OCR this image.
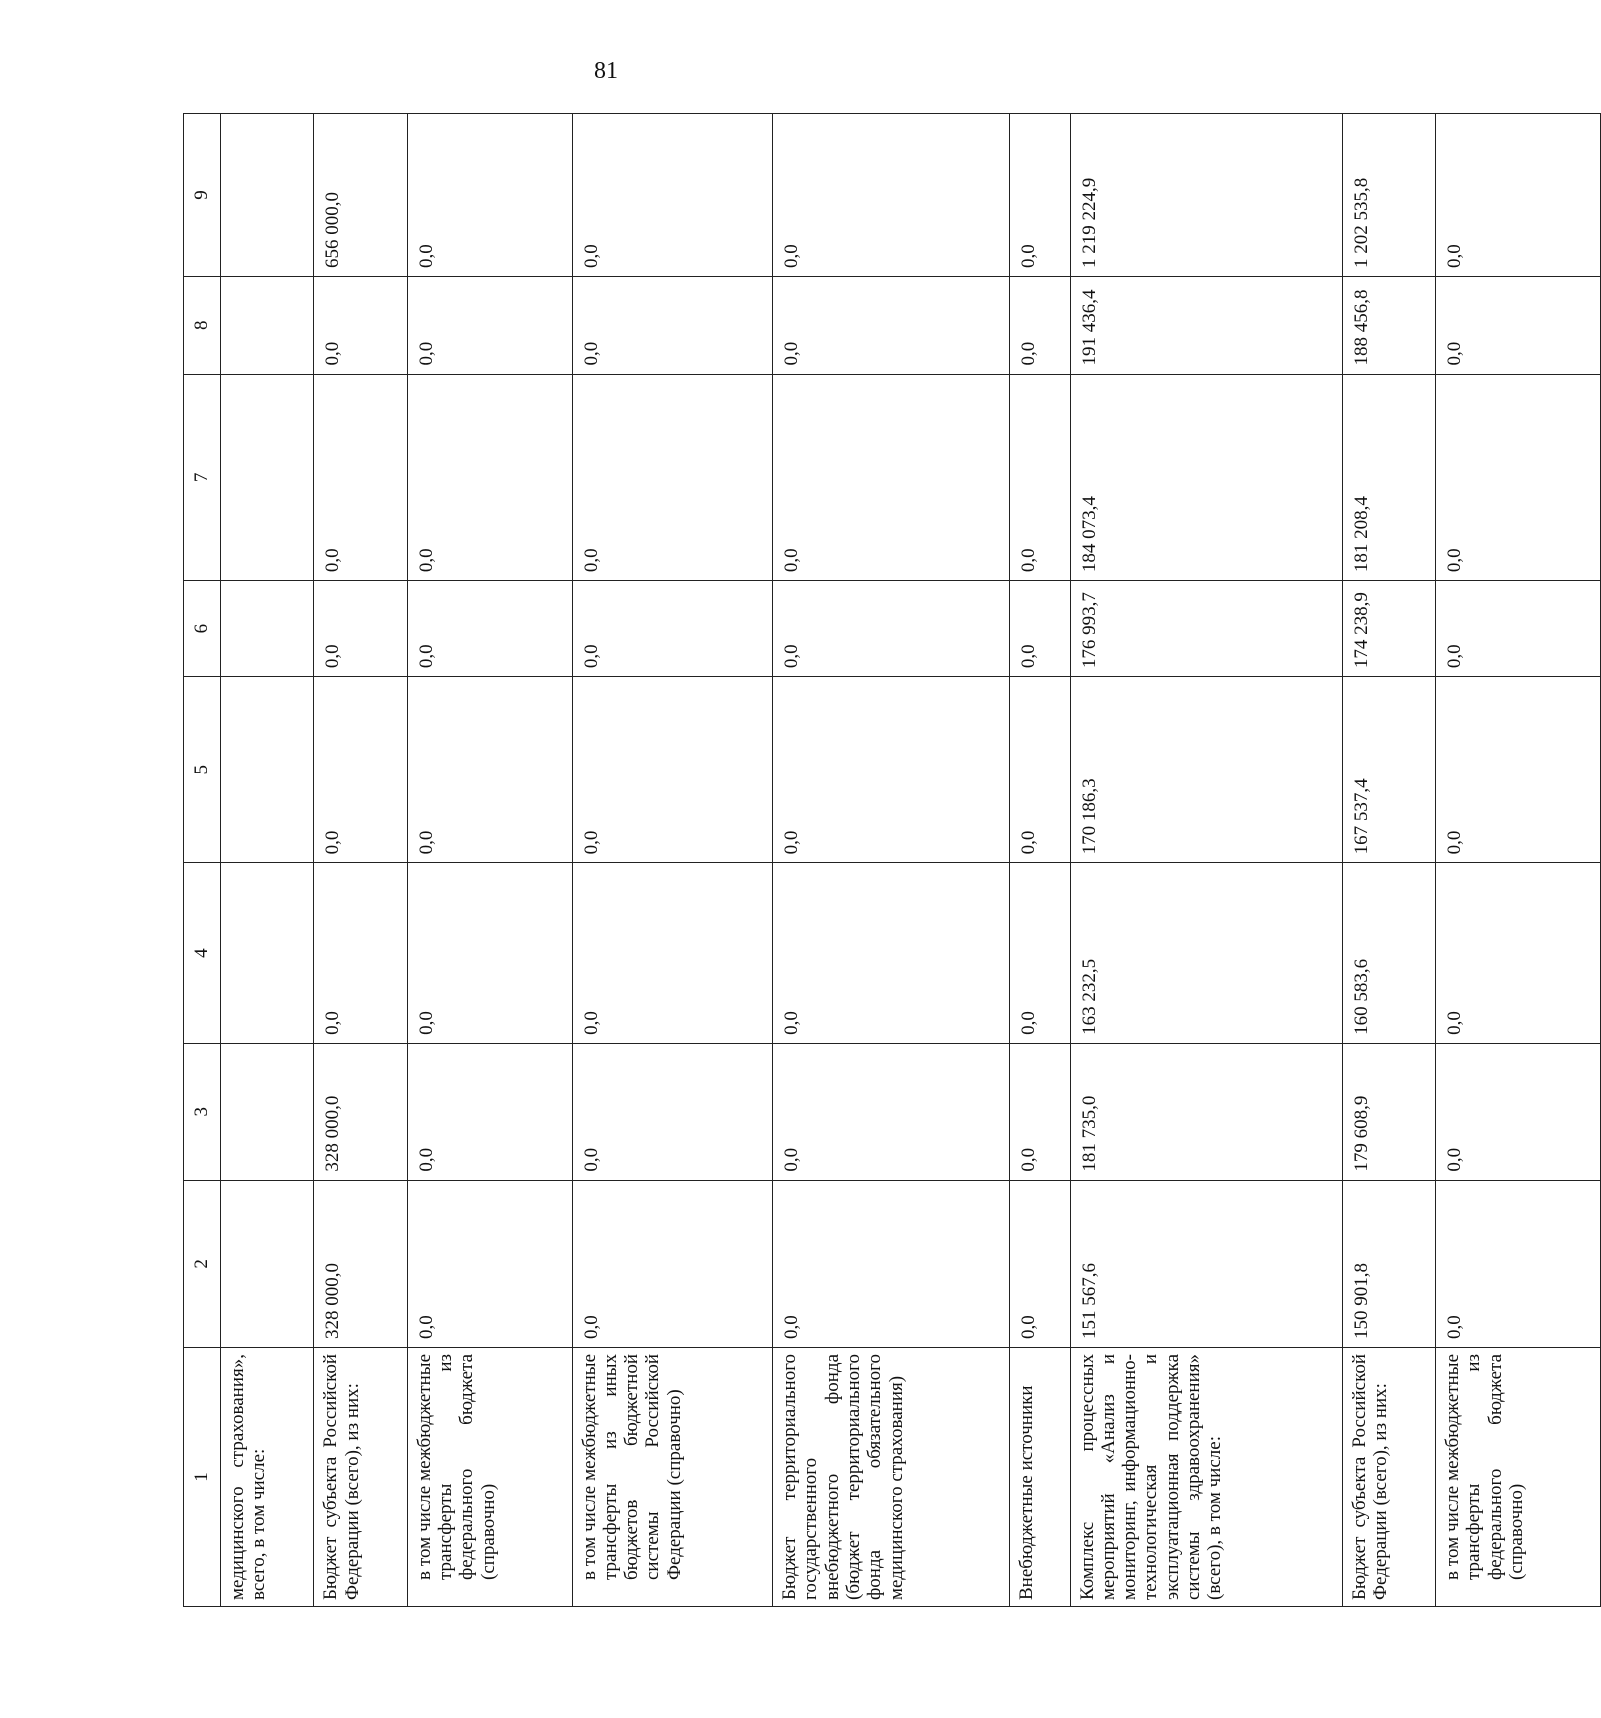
81
1	2	3	4	5	6	7	8	9
медицинского страхования», всего, в том числе:								
Бюджет субъекта Российской Федерации (всего), из них:	328 000,0	328 000,0	0,0	0,0	0,0	0,0	0,0	656 000,0
в том числе межбюджетные трансферты из федерального бюджета (справочно)	0,0	0,0	0,0	0,0	0,0	0,0	0,0	0,0
в том числе межбюджетные трансферты из иных бюджетов бюджетной системы Российской Федерации (справочно)	0,0	0,0	0,0	0,0	0,0	0,0	0,0	0,0
Бюджет территориального государственного внебюджетного фонда (бюджет территориального фонда обязательного медицинского страхования)	0,0	0,0	0,0	0,0	0,0	0,0	0,0	0,0
Внебюджетные источники	0,0	0,0	0,0	0,0	0,0	0,0	0,0	0,0
Комплекс процессных мероприятий «Анализ и мониторинг, информационно-технологическая и эксплуатационная поддержка системы здравоохранения» (всего), в том числе:	151 567,6	181 735,0	163 232,5	170 186,3	176 993,7	184 073,4	191 436,4	1 219 224,9
Бюджет субъекта Российской Федерации (всего), из них:	150 901,8	179 608,9	160 583,6	167 537,4	174 238,9	181 208,4	188 456,8	1 202 535,8
в том числе межбюджетные трансферты из федерального бюджета (справочно)	0,0	0,0	0,0	0,0	0,0	0,0	0,0	0,0
